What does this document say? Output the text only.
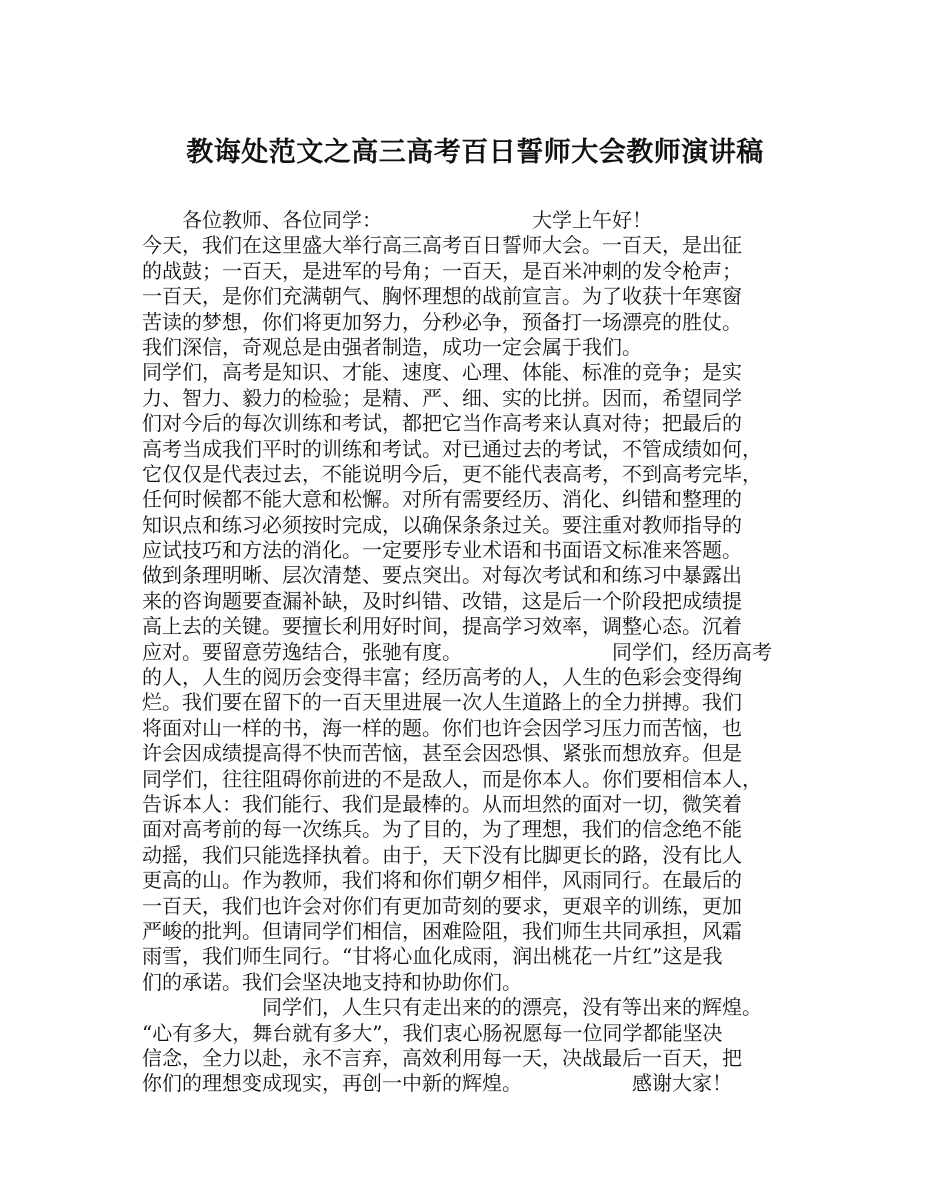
教诲处范文之高三高考百日誓师大会教师演讲稿
　　各位教师、各位同学：　　　　　　　　大学上午好！
今天，我们在这里盛大举行高三高考百日誓师大会。一百天，是出征
的战鼓；一百天，是进军的号角；一百天，是百米冲刺的发令枪声；
一百天，是你们充满朝气、胸怀理想的战前宣言。为了收获十年寒窗
苦读的梦想，你们将更加努力，分秒必争，预备打一场漂亮的胜仗。
我们深信，奇观总是由强者制造，成功一定会属于我们。
同学们，高考是知识、才能、速度、心理、体能、标准的竞争；是实
力、智力、毅力的检验；是精、严、细、实的比拼。因而，希望同学
们对今后的每次训练和考试，都把它当作高考来认真对待；把最后的
高考当成我们平时的训练和考试。对已通过去的考试，不管成绩如何，
它仅仅是代表过去，不能说明今后，更不能代表高考，不到高考完毕，
任何时候都不能大意和松懈。对所有需要经历、消化、纠错和整理的
知识点和练习必须按时完成，以确保条条过关。要注重对教师指导的
应试技巧和方法的消化。一定要彤专业术语和书面语文标准来答题。
做到条理明晰、层次清楚、要点突出。对每次考试和和练习中暴露出
来的咨询题要查漏补缺，及时纠错、改错，这是后一个阶段把成绩提
高上去的关键。要擅长利用好时间，提高学习效率，调整心态。沉着
应对。要留意劳逸结合，张驰有度。　　　　　　　　同学们，经历高考
的人，人生的阅历会变得丰富；经历高考的人，人生的色彩会变得绚
烂。我们要在留下的一百天里进展一次人生道路上的全力拼搏。我们
将面对山一样的书，海一样的题。你们也许会因学习压力而苦恼，也
许会因成绩提高得不快而苦恼，甚至会因恐惧、紧张而想放弃。但是
同学们，往往阻碍你前进的不是敌人，而是你本人。你们要相信本人，
告诉本人：我们能行、我们是最棒的。从而坦然的面对一切，微笑着
面对高考前的每一次练兵。为了目的，为了理想，我们的信念绝不能
动摇，我们只能选择执着。由于，天下没有比脚更长的路，没有比人
更高的山。作为教师，我们将和你们朝夕相伴，风雨同行。在最后的
一百天，我们也许会对你们有更加苛刻的要求，更艰辛的训练，更加
严峻的批判。但请同学们相信，困难险阻，我们师生共同承担，风霜
雨雪，我们师生同行。“甘将心血化成雨，润出桃花一片红”这是我
们的承诺。我们会坚决地支持和协助你们。
　　　　　　同学们，人生只有走出来的的漂亮，没有等出来的辉煌。
“心有多大，舞台就有多大”，我们衷心肠祝愿每一位同学都能坚决
信念，全力以赴，永不言弃，高效利用每一天，决战最后一百天，把
你们的理想变成现实，再创一中新的辉煌。　　　　　　感谢大家！
